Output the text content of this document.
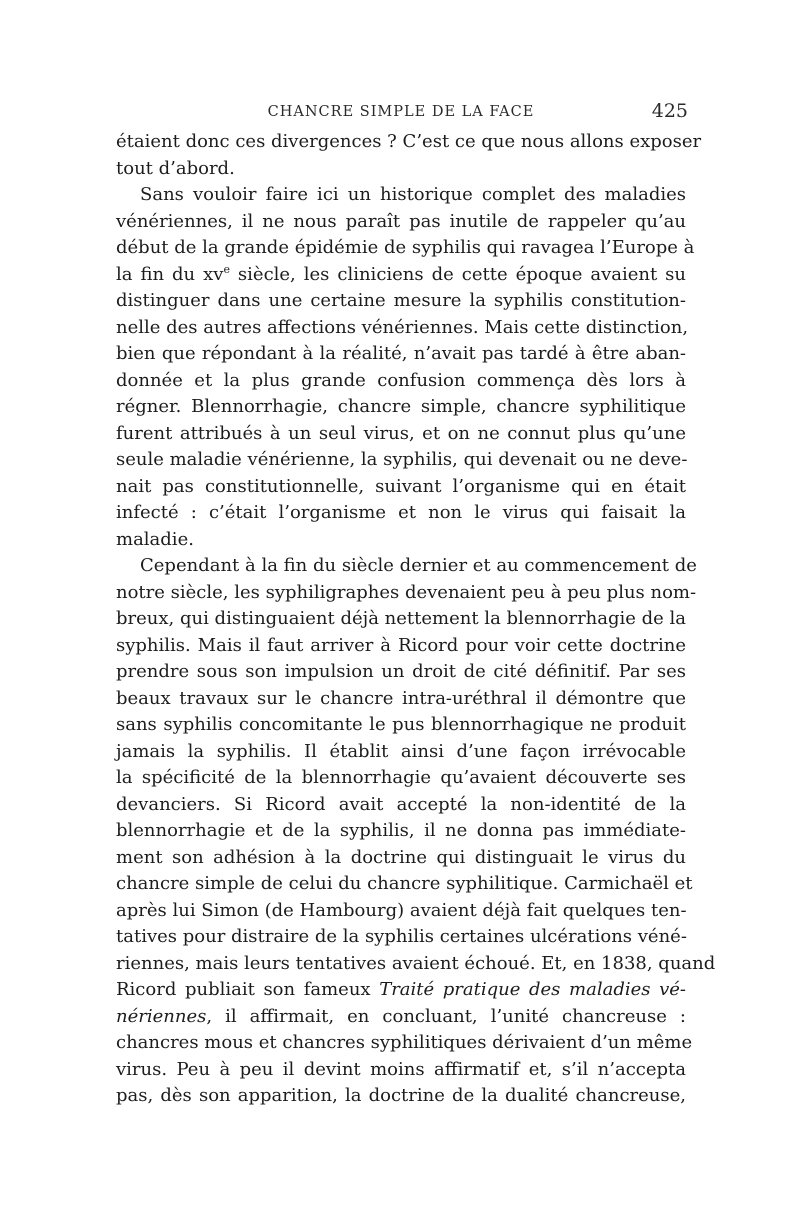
CHANCRE SIMPLE DE LA FACE	425
étaient donc ces divergences ? C’est ce que nous allons exposer
tout d’abord.
Sans vouloir faire ici un historique complet des maladies
vénériennes, il ne nous paraît pas inutile de rappeler qu’au
début de la grande épidémie de syphilis qui ravagea l’Europe à
la fin du $xv^e$ siècle, les cliniciens de cette époque avaient su
distinguer dans une certaine mesure la syphilis constitution-
nelle des autres affections vénériennes. Mais cette distinction,
bien que répondant à la réalité, n’avait pas tardé à être aban-
donnée et la plus grande confusion commença dès lors à
régner. Blennorrhagie, chancre simple, chancre syphilitique
furent attribués à un seul virus, et on ne connut plus qu’une
seule maladie vénérienne, la syphilis, qui devenait ou ne deve-
nait pas constitutionnelle, suivant l’organisme qui en était
infecté : c’était l’organisme et non le virus qui faisait la
maladie.
Cependant à la fin du siècle dernier et au commencement de
notre siècle, les syphiligraphes devenaient peu à peu plus nom-
breux, qui distinguaient déjà nettement la blennorrhagie de la
syphilis. Mais il faut arriver à Ricord pour voir cette doctrine
prendre sous son impulsion un droit de cité définitif. Par ses
beaux travaux sur le chancre intra-uréthral il démontre que
sans syphilis concomitante le pus blennorrhagique ne produit
jamais la syphilis. Il établit ainsi d’une façon irrévocable
la spécificité de la blennorrhagie qu’avaient découverte ses
devanciers. Si Ricord avait accepté la non-identité de la
blennorrhagie et de la syphilis, il ne donna pas immédiate-
ment son adhésion à la doctrine qui distinguait le virus du
chancre simple de celui du chancre syphilitique. Carmichaël et
après lui Simon (de Hambourg) avaient déjà fait quelques ten-
tatives pour distraire de la syphilis certaines ulcérations véné-
riennes, mais leurs tentatives avaient échoué. Et, en 1838, quand
Ricord publiait son fameux Traité pratique des maladies vé-
nériennes, il affirmait, en concluant, l’unité chancreuse :
chancres mous et chancres syphilitiques dérivaient d’un même
virus. Peu à peu il devint moins affirmatif et, s’il n’accepta
pas, dès son apparition, la doctrine de la dualité chancreuse,
